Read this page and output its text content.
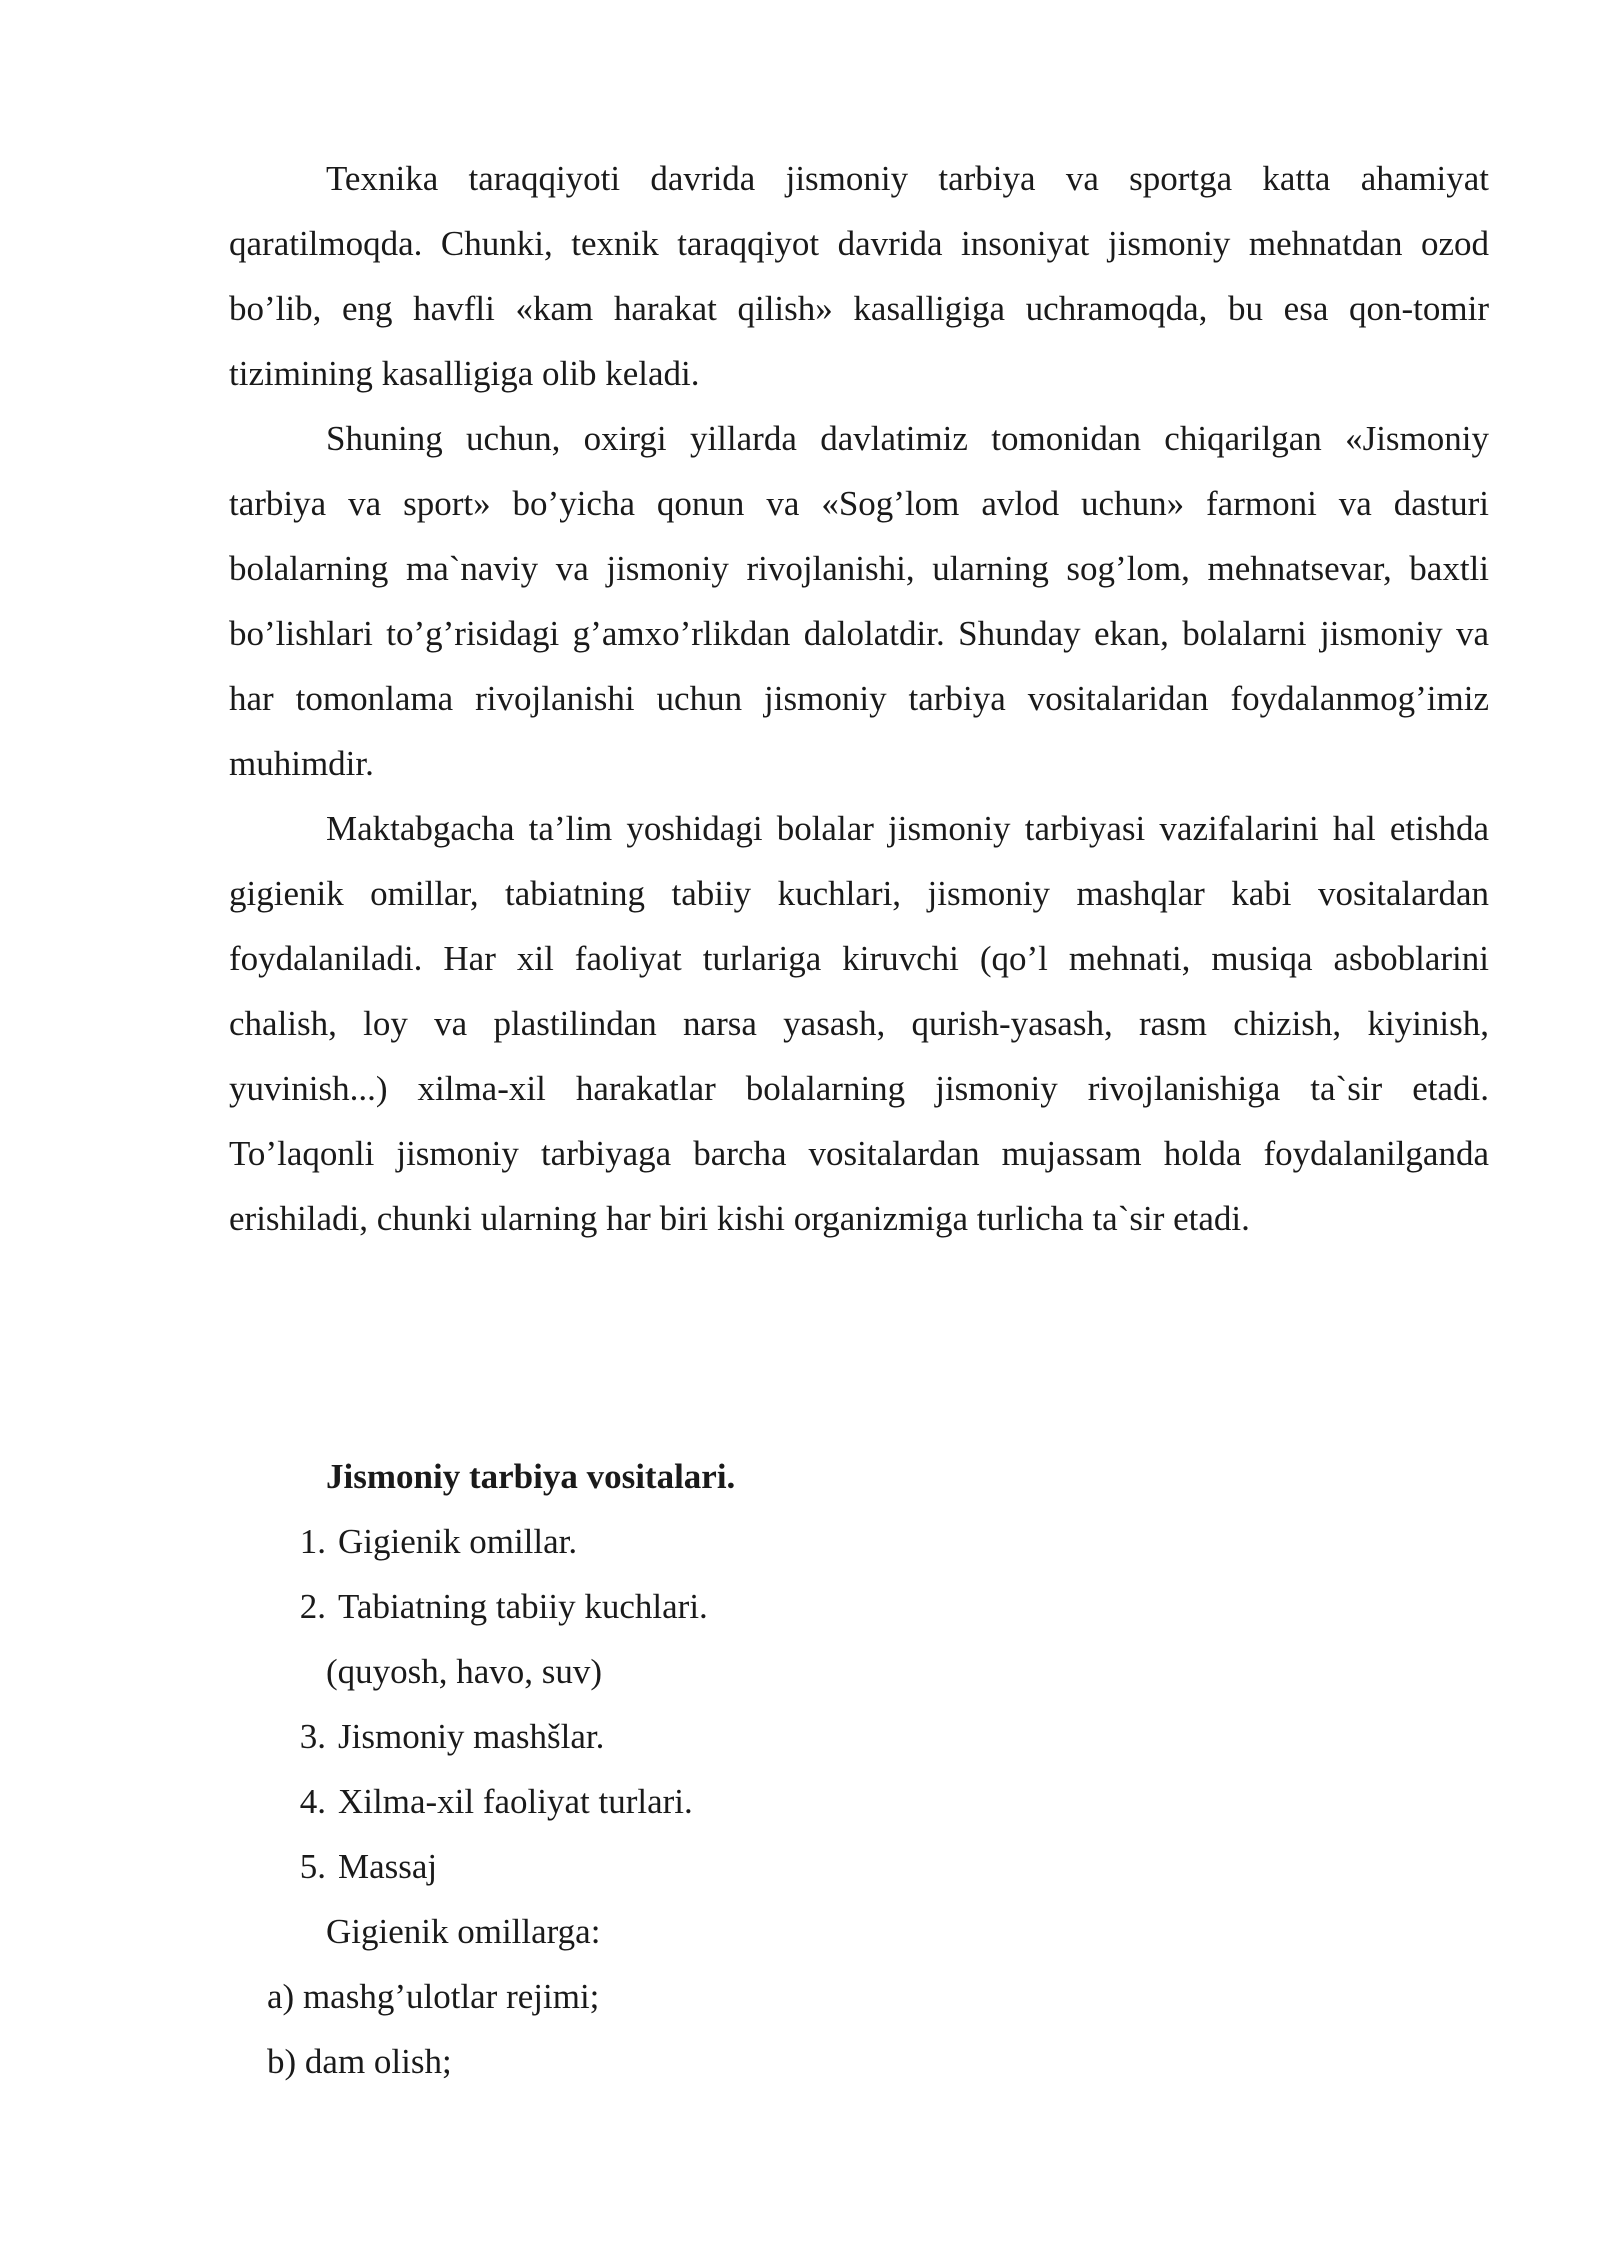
Texnika taraqqiyoti davrida jismoniy tarbiya va sportga katta ahamiyat qaratilmoqda. Chunki, texnik taraqqiyot davrida insoniyat jismoniy mehnatdan ozod bo’lib, eng havfli «kam harakat qilish» kasalligiga uchramoqda, bu esa qon-tomir tizimining kasalligiga olib keladi.

Shuning uchun, oxirgi yillarda davlatimiz tomonidan chiqarilgan «Jismoniy tarbiya va sport» bo’yicha qonun va «Sog’lom avlod uchun» farmoni va dasturi bolalarning ma`naviy va jismoniy rivojlanishi, ularning sog’lom, mehnatsevar, baxtli bo’lishlari to’g’risidagi g’amxo’rlikdan dalolatdir. Shunday ekan, bolalarni jismoniy va har tomonlama rivojlanishi uchun jismoniy tarbiya vositalaridan foydalanmog’imiz muhimdir.

Maktabgacha ta’lim yoshidagi bolalar jismoniy tarbiyasi vazifalarini hal etishda gigienik omillar, tabiatning tabiiy kuchlari, jismoniy mashqlar kabi vositalardan foydalaniladi. Har xil faoliyat turlariga kiruvchi (qo’l mehnati, musiqa asboblarini chalish, loy va plastilindan narsa yasash, qurish-yasash, rasm chizish, kiyinish, yuvinish...) xilma-xil harakatlar bolalarning jismoniy rivojlanishiga ta`sir etadi. To’laqonli jismoniy tarbiyaga barcha vositalardan mujassam holda foydalanilganda erishiladi, chunki ularning har biri kishi organizmiga turlicha ta`sir etadi.

Jismoniy tarbiya vositalari.

1. Gigienik omillar.
2. Tabiatning tabiiy kuchlari.

(quyosh, havo, suv)

3. Jismoniy mashšlar.
4. Xilma-xil faoliyat turlari.
5. Massaj

Gigienik omillarga:

a) mashg’ulotlar rejimi;
b) dam olish;
